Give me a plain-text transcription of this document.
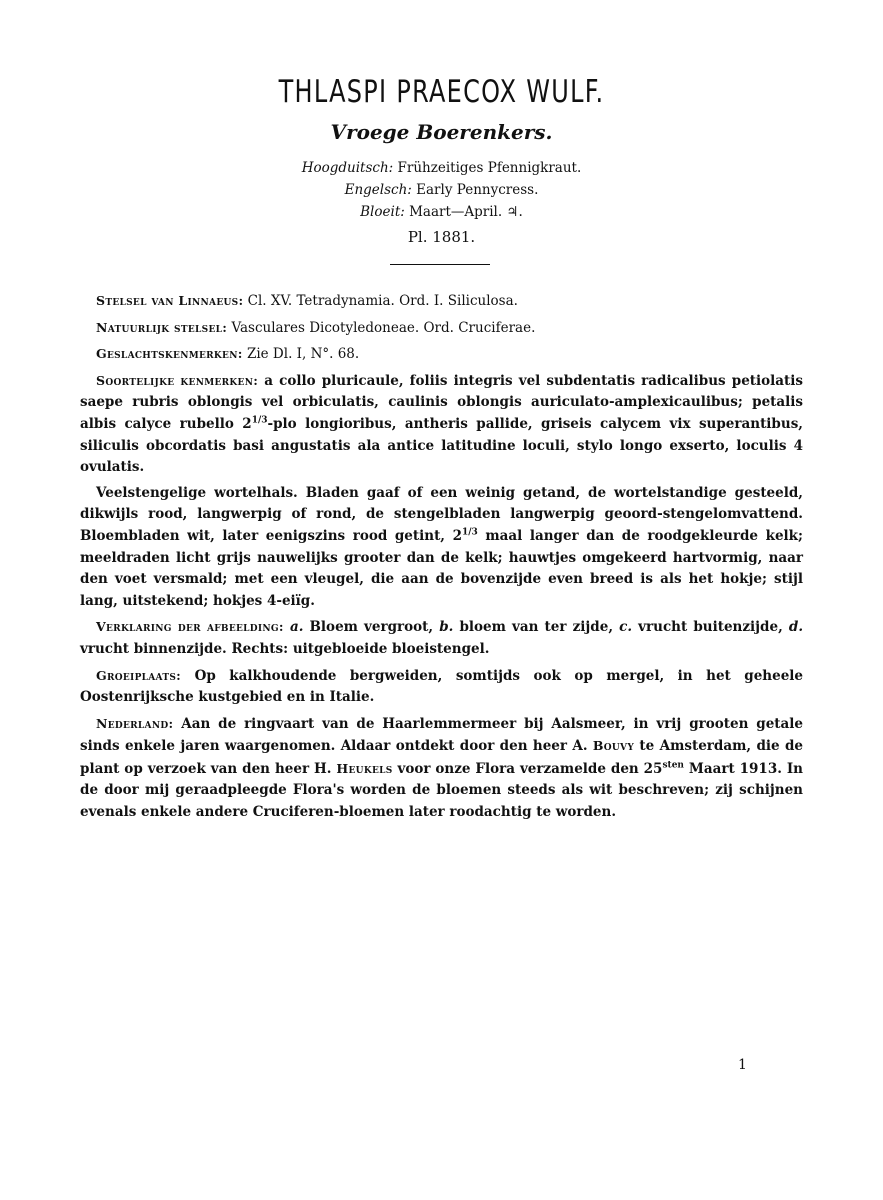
THLASPI PRAECOX WULF.
Vroege Boerenkers.
Hoogduitsch: Frühzeitiges Pfennigkraut.
Engelsch: Early Pennycress.
Bloeit: Maart—April. ♃.
Pl. 1881.

Stelsel van Linnaeus: Cl. XV. Tetradynamia. Ord. I. Siliculosa.

Natuurlijk stelsel: Vasculares Dicotyledoneae. Ord. Cruciferae.

Geslachtskenmerken: Zie Dl. I, N°. 68.

Soortelijke kenmerken: a collo pluricaule, foliis integris vel subdentatis radicalibus petiolatis saepe rubris oblongis vel orbiculatis, caulinis oblongis auriculato-amplexicaulibus; petalis albis calyce rubello $2^{1/3}$-plo longioribus, antheris pallide, griseis calycem vix superantibus, siliculis obcordatis basi angustatis ala antice latitudine loculi, stylo longo exserto, loculis 4 ovulatis.

Veelstengelige wortelhals. Bladen gaaf of een weinig getand, de wortelstandige gesteeld, dikwijls rood, langwerpig of rond, de stengelbladen langwerpig geoord-stengelomvattend. Bloembladen wit, later eenigszins rood getint, $2^{1/3}$ maal langer dan de roodgekleurde kelk; meeldraden licht grijs nauwelijks grooter dan de kelk; hauwtjes omgekeerd hartvormig, naar den voet versmald; met een vleugel, die aan de bovenzijde even breed is als het hokje; stijl lang, uitstekend; hokjes 4-eiïg.

Verklaring der afbeelding: a. Bloem vergroot, b. bloem van ter zijde, c. vrucht buitenzijde, d. vrucht binnenzijde. Rechts: uitgebloeide bloeistengel.

Groeiplaats: Op kalkhoudende bergweiden, somtijds ook op mergel, in het geheele Oostenrijksche kustgebied en in Italie.

Nederland: Aan de ringvaart van de Haarlemmermeer bij Aalsmeer, in vrij grooten getale sinds enkele jaren waargenomen. Aldaar ontdekt door den heer A. Bouvy te Amsterdam, die de plant op verzoek van den heer H. Heukels voor onze Flora verzamelde den $25^{sten}$ Maart 1913. In de door mij geraadpleegde Flora's worden de bloemen steeds als wit beschreven; zij schijnen evenals enkele andere Cruciferen-bloemen later roodachtig te worden.

1
